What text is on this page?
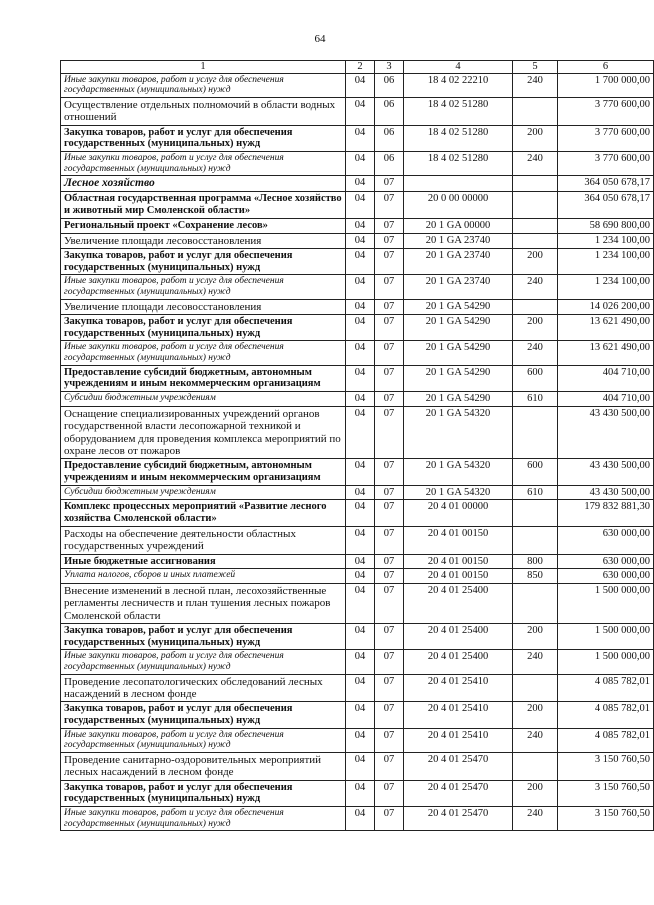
64
1	2	3	4	5	6
Иные закупки товаров, работ и услуг для обеспечения государственных (муниципальных) нужд	04	06	18 4 02 22210	240	1 700 000,00
Осуществление отдельных полномочий в области водных отношений	04	06	18 4 02 51280		3 770 600,00
Закупка товаров, работ и услуг для обеспечения государственных (муниципальных) нужд	04	06	18 4 02 51280	200	3 770 600,00
Иные закупки товаров, работ и услуг для обеспечения государственных (муниципальных) нужд	04	06	18 4 02 51280	240	3 770 600,00
Лесное хозяйство	04	07			364 050 678,17
Областная государственная программа «Лесное хозяйство и животный мир Смоленской области»	04	07	20 0 00 00000		364 050 678,17
Региональный проект «Сохранение лесов»	04	07	20 1 GA 00000		58 690 800,00
Увеличение площади лесовосстановления	04	07	20 1 GA 23740		1 234 100,00
Закупка товаров, работ и услуг для обеспечения государственных (муниципальных) нужд	04	07	20 1 GA 23740	200	1 234 100,00
Иные закупки товаров, работ и услуг для обеспечения государственных (муниципальных) нужд	04	07	20 1 GA 23740	240	1 234 100,00
Увеличение площади лесовосстановления	04	07	20 1 GA 54290		14 026 200,00
Закупка товаров, работ и услуг для обеспечения государственных (муниципальных) нужд	04	07	20 1 GA 54290	200	13 621 490,00
Иные закупки товаров, работ и услуг для обеспечения государственных (муниципальных) нужд	04	07	20 1 GA 54290	240	13 621 490,00
Предоставление субсидий бюджетным, автономным учреждениям и иным некоммерческим организациям	04	07	20 1 GA 54290	600	404 710,00
Субсидии бюджетным учреждениям	04	07	20 1 GA 54290	610	404 710,00
Оснащение специализированных учреждений органов государственной власти лесопожарной техникой и оборудованием для проведения комплекса мероприятий по охране лесов от пожаров	04	07	20 1 GA 54320		43 430 500,00
Предоставление субсидий бюджетным, автономным учреждениям и иным некоммерческим организациям	04	07	20 1 GA 54320	600	43 430 500,00
Субсидии бюджетным учреждениям	04	07	20 1 GA 54320	610	43 430 500,00
Комплекс процессных мероприятий «Развитие лесного хозяйства Смоленской области»	04	07	20 4 01 00000		179 832 881,30
Расходы на обеспечение деятельности областных государственных учреждений	04	07	20 4 01 00150		630 000,00
Иные бюджетные ассигнования	04	07	20 4 01 00150	800	630 000,00
Уплата налогов, сборов и иных платежей	04	07	20 4 01 00150	850	630 000,00
Внесение изменений в лесной план, лесохозяйственные регламенты лесничеств и план тушения лесных пожаров Смоленской области	04	07	20 4 01 25400		1 500 000,00
Закупка товаров, работ и услуг для обеспечения государственных (муниципальных) нужд	04	07	20 4 01 25400	200	1 500 000,00
Иные закупки товаров, работ и услуг для обеспечения государственных (муниципальных) нужд	04	07	20 4 01 25400	240	1 500 000,00
Проведение лесопатологических обследований лесных насаждений в лесном фонде	04	07	20 4 01 25410		4 085 782,01
Закупка товаров, работ и услуг для обеспечения государственных (муниципальных) нужд	04	07	20 4 01 25410	200	4 085 782,01
Иные закупки товаров, работ и услуг для обеспечения государственных (муниципальных) нужд	04	07	20 4 01 25410	240	4 085 782,01
Проведение санитарно-оздоровительных мероприятий лесных насаждений в лесном фонде	04	07	20 4 01 25470		3 150 760,50
Закупка товаров, работ и услуг для обеспечения государственных (муниципальных) нужд	04	07	20 4 01 25470	200	3 150 760,50
Иные закупки товаров, работ и услуг для обеспечения государственных (муниципальных) нужд	04	07	20 4 01 25470	240	3 150 760,50
